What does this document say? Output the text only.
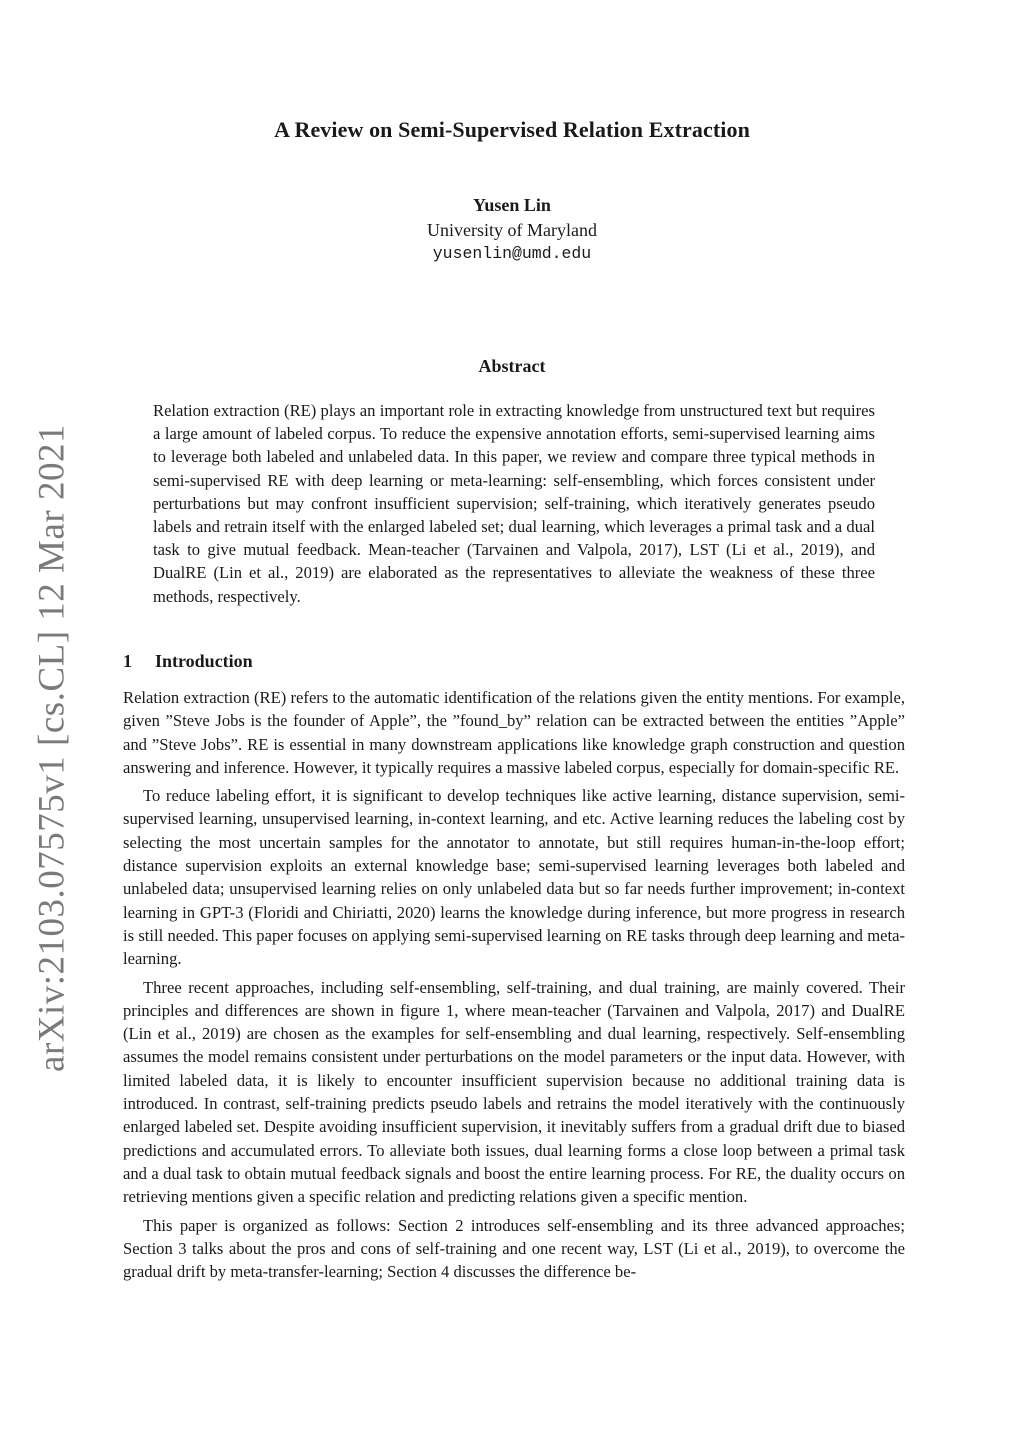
arXiv:2103.07575v1 [cs.CL] 12 Mar 2021
A Review on Semi-Supervised Relation Extraction
Yusen Lin
University of Maryland
yusenlin@umd.edu
Abstract
Relation extraction (RE) plays an important role in extracting knowledge from unstructured text but requires a large amount of labeled corpus. To reduce the expensive annotation efforts, semi-supervised learning aims to leverage both labeled and unlabeled data. In this paper, we review and compare three typical methods in semi-supervised RE with deep learning or meta-learning: self-ensembling, which forces consistent under perturbations but may confront insufficient supervision; self-training, which iteratively generates pseudo labels and retrain itself with the enlarged labeled set; dual learning, which leverages a primal task and a dual task to give mutual feedback. Mean-teacher (Tarvainen and Valpola, 2017), LST (Li et al., 2019), and DualRE (Lin et al., 2019) are elaborated as the representatives to alleviate the weakness of these three methods, respectively.
1 Introduction

Relation extraction (RE) refers to the automatic identification of the relations given the entity mentions. For example, given ”Steve Jobs is the founder of Apple”, the ”found_by” relation can be extracted between the entities ”Apple” and ”Steve Jobs”. RE is essential in many downstream applications like knowledge graph construction and question answering and inference. However, it typically requires a massive labeled corpus, especially for domain-specific RE.

To reduce labeling effort, it is significant to develop techniques like active learning, distance supervision, semi-supervised learning, unsupervised learning, in-context learning, and etc. Active learning reduces the labeling cost by selecting the most uncertain samples for the annotator to annotate, but still requires human-in-the-loop effort; distance supervision exploits an external knowledge base; semi-supervised learning leverages both labeled and unlabeled data; unsupervised learning relies on only unlabeled data but so far needs further improvement; in-context learning in GPT-3 (Floridi and Chiriatti, 2020) learns the knowledge during inference, but more progress in research is still needed. This paper focuses on applying semi-supervised learning on RE tasks through deep learning and meta-learning.

Three recent approaches, including self-ensembling, self-training, and dual training, are mainly covered. Their principles and differences are shown in figure 1, where mean-teacher (Tarvainen and Valpola, 2017) and DualRE (Lin et al., 2019) are chosen as the examples for self-ensembling and dual learning, respectively. Self-ensembling assumes the model remains consistent under perturbations on the model parameters or the input data. However, with limited labeled data, it is likely to encounter insufficient supervision because no additional training data is introduced. In contrast, self-training predicts pseudo labels and retrains the model iteratively with the continuously enlarged labeled set. Despite avoiding insufficient supervision, it inevitably suffers from a gradual drift due to biased predictions and accumulated errors. To alleviate both issues, dual learning forms a close loop between a primal task and a dual task to obtain mutual feedback signals and boost the entire learning process. For RE, the duality occurs on retrieving mentions given a specific relation and predicting relations given a specific mention.

This paper is organized as follows: Section 2 introduces self-ensembling and its three advanced approaches; Section 3 talks about the pros and cons of self-training and one recent way, LST (Li et al., 2019), to overcome the gradual drift by meta-transfer-learning; Section 4 discusses the difference be-
